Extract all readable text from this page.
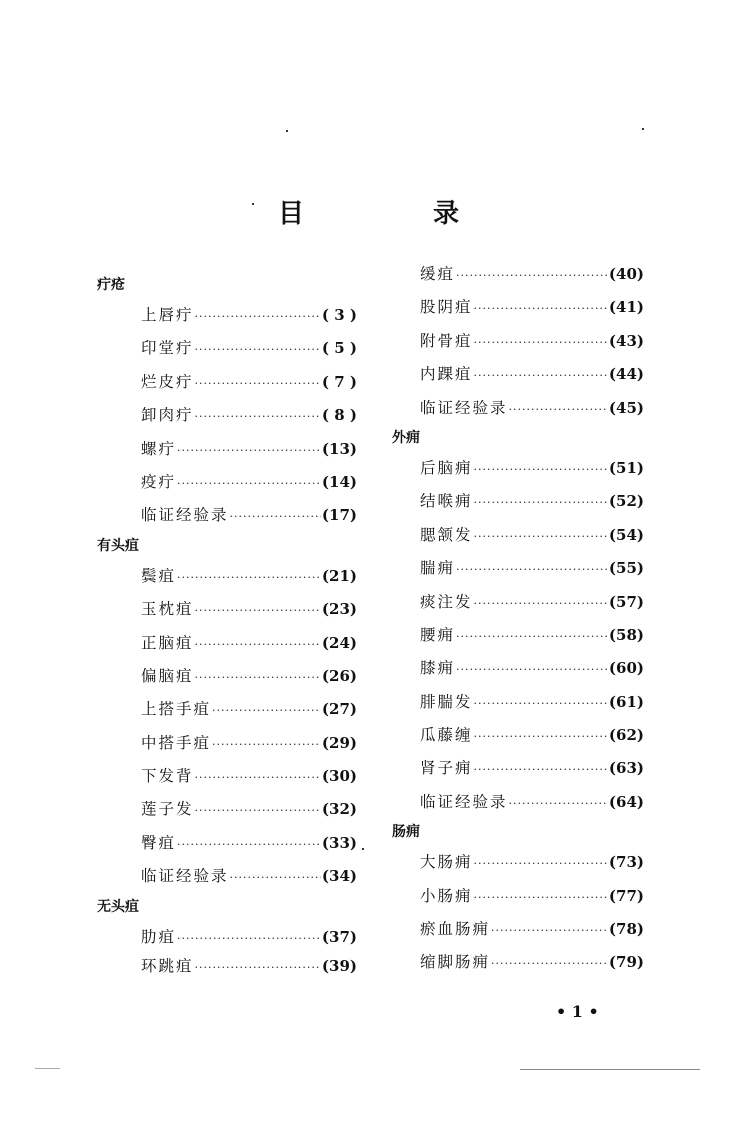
目 录
疔疮
上唇疔 ·····	( 3 )
印堂疔 ·····	( 5 )
烂皮疔 ·····	( 7 )
卸肉疔 ·····	( 8 )
螺疔 ·····	(13)
疫疔 ·····	(14)
临证经验录 ·····	(17)
有头疽
鬓疽 ·····	(21)
玉枕疽 ·····	(23)
正脑疽 ·····	(24)
偏脑疽 ·····	(26)
上搭手疽 ·····	(27)
中搭手疽 ·····	(29)
下发背 ·····	(30)
莲子发 ·····	(32)
臀疽 ·····	(33)
临证经验录 ·····	(34)
无头疽
肋疽 ·····	(37)
环跳疽 ·····	(39)
缓疽 ·····	(40)
股阴疽 ·····	(41)
附骨疽 ·····	(43)
内踝疽 ·····	(44)
临证经验录 ·····	(45)
外痈
后脑痈 ·····	(51)
结喉痈 ·····	(52)
腮颔发 ·····	(54)
腨痈 ·····	(55)
痰注发 ·····	(57)
腰痈 ·····	(58)
膝痈 ·····	(60)
腓腨发 ·····	(61)
瓜藤缠 ·····	(62)
肾子痈 ·····	(63)
临证经验录 ·····	(64)
肠痈
大肠痈 ·····	(73)
小肠痈 ·····	(77)
瘀血肠痈 ·····	(78)
缩脚肠痈 ·····	(79)
• 1 •
